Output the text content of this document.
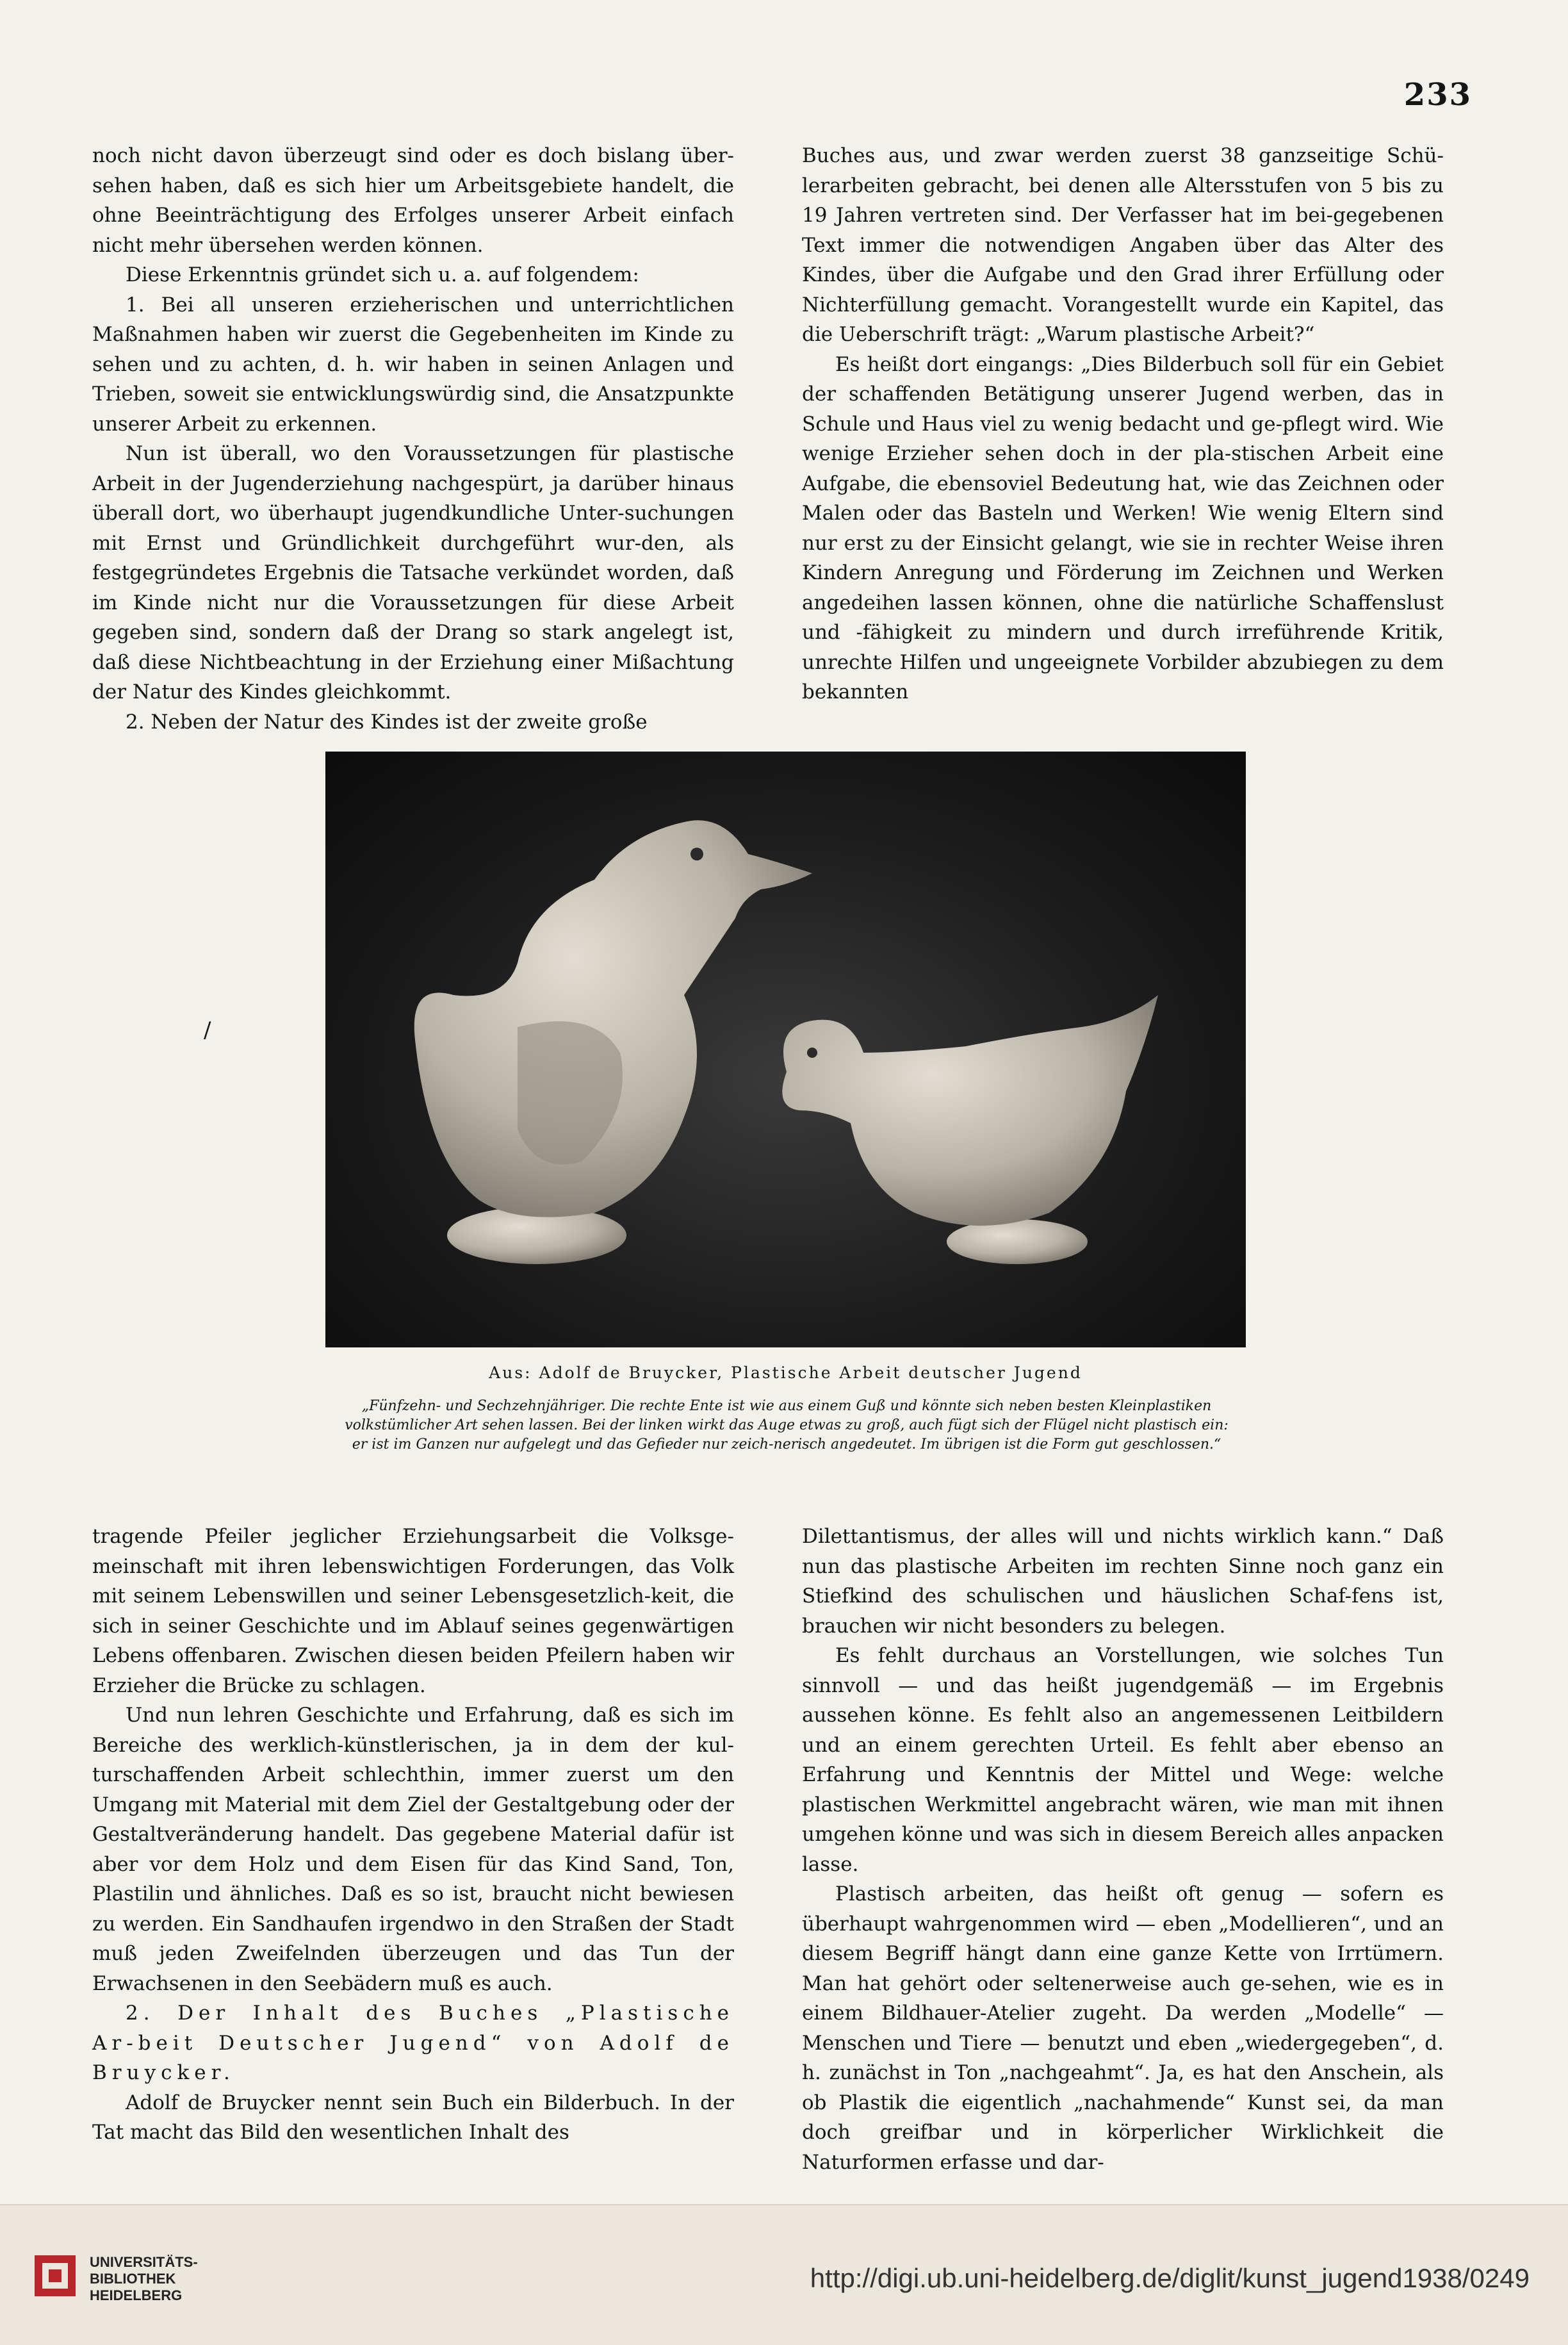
233

noch nicht davon überzeugt sind oder es doch bislang über-sehen haben, daß es sich hier um Arbeitsgebiete handelt, die ohne Beeinträchtigung des Erfolges unserer Arbeit einfach nicht mehr übersehen werden können.

Diese Erkenntnis gründet sich u. a. auf folgendem:

1. Bei all unseren erzieherischen und unterrichtlichen Maßnahmen haben wir zuerst die Gegebenheiten im Kinde zu sehen und zu achten, d. h. wir haben in seinen Anlagen und Trieben, soweit sie entwicklungswürdig sind, die Ansatzpunkte unserer Arbeit zu erkennen.

Nun ist überall, wo den Voraussetzungen für plastische Arbeit in der Jugenderziehung nachgespürt, ja darüber hinaus überall dort, wo überhaupt jugendkundliche Unter-suchungen mit Ernst und Gründlichkeit durchgeführt wur-den, als festgegründetes Ergebnis die Tatsache verkündet worden, daß im Kinde nicht nur die Voraussetzungen für diese Arbeit gegeben sind, sondern daß der Drang so stark angelegt ist, daß diese Nichtbeachtung in der Erziehung einer Mißachtung der Natur des Kindes gleichkommt.

2. Neben der Natur des Kindes ist der zweite große

Buches aus, und zwar werden zuerst 38 ganzseitige Schü-lerarbeiten gebracht, bei denen alle Altersstufen von 5 bis zu 19 Jahren vertreten sind. Der Verfasser hat im bei-gegebenen Text immer die notwendigen Angaben über das Alter des Kindes, über die Aufgabe und den Grad ihrer Erfüllung oder Nichterfüllung gemacht. Vorangestellt wurde ein Kapitel, das die Ueberschrift trägt: „Warum plastische Arbeit?“

Es heißt dort eingangs: „Dies Bilderbuch soll für ein Gebiet der schaffenden Betätigung unserer Jugend werben, das in Schule und Haus viel zu wenig bedacht und ge-pflegt wird. Wie wenige Erzieher sehen doch in der pla-stischen Arbeit eine Aufgabe, die ebensoviel Bedeutung hat, wie das Zeichnen oder Malen oder das Basteln und Werken! Wie wenig Eltern sind nur erst zu der Einsicht gelangt, wie sie in rechter Weise ihren Kindern Anregung und Förderung im Zeichnen und Werken angedeihen lassen können, ohne die natürliche Schaffenslust und -fähigkeit zu mindern und durch irreführende Kritik, unrechte Hilfen und ungeeignete Vorbilder abzubiegen zu dem bekannten

/
Aus: Adolf de Bruycker, Plastische Arbeit deutscher Jugend
„Fünfzehn- und Sechzehnjähriger. Die rechte Ente ist wie aus einem Guß und könnte sich neben besten Kleinplastiken volkstümlicher Art sehen lassen. Bei der linken wirkt das Auge etwas zu groß, auch fügt sich der Flügel nicht plastisch ein: er ist im Ganzen nur aufgelegt und das Gefieder nur zeich-nerisch angedeutet. Im übrigen ist die Form gut geschlossen.“

tragende Pfeiler jeglicher Erziehungsarbeit die Volksge-meinschaft mit ihren lebenswichtigen Forderungen, das Volk mit seinem Lebenswillen und seiner Lebensgesetzlich-keit, die sich in seiner Geschichte und im Ablauf seines gegenwärtigen Lebens offenbaren. Zwischen diesen beiden Pfeilern haben wir Erzieher die Brücke zu schlagen.

Und nun lehren Geschichte und Erfahrung, daß es sich im Bereiche des werklich-künstlerischen, ja in dem der kul-turschaffenden Arbeit schlechthin, immer zuerst um den Umgang mit Material mit dem Ziel der Gestaltgebung oder der Gestaltveränderung handelt. Das gegebene Material dafür ist aber vor dem Holz und dem Eisen für das Kind Sand, Ton, Plastilin und ähnliches. Daß es so ist, braucht nicht bewiesen zu werden. Ein Sandhaufen irgendwo in den Straßen der Stadt muß jeden Zweifelnden überzeugen und das Tun der Erwachsenen in den Seebädern muß es auch.

2. Der Inhalt des Buches „Plastische Ar-beit Deutscher Jugend“ von Adolf de Bruycker.

Adolf de Bruycker nennt sein Buch ein Bilderbuch. In der Tat macht das Bild den wesentlichen Inhalt des

Dilettantismus, der alles will und nichts wirklich kann.“ Daß nun das plastische Arbeiten im rechten Sinne noch ganz ein Stiefkind des schulischen und häuslichen Schaf-fens ist, brauchen wir nicht besonders zu belegen.

Es fehlt durchaus an Vorstellungen, wie solches Tun sinnvoll — und das heißt jugendgemäß — im Ergebnis aussehen könne. Es fehlt also an angemessenen Leitbildern und an einem gerechten Urteil. Es fehlt aber ebenso an Erfahrung und Kenntnis der Mittel und Wege: welche plastischen Werkmittel angebracht wären, wie man mit ihnen umgehen könne und was sich in diesem Bereich alles anpacken lasse.

Plastisch arbeiten, das heißt oft genug — sofern es überhaupt wahrgenommen wird — eben „Modellieren“, und an diesem Begriff hängt dann eine ganze Kette von Irrtümern. Man hat gehört oder seltenerweise auch ge-sehen, wie es in einem Bildhauer-Atelier zugeht. Da werden „Modelle“ — Menschen und Tiere — benutzt und eben „wiedergegeben“, d. h. zunächst in Ton „nachgeahmt“. Ja, es hat den Anschein, als ob Plastik die eigentlich „nachahmende“ Kunst sei, da man doch greifbar und in körperlicher Wirklichkeit die Naturformen erfasse und dar-

UNIVERSITÄTS-
BIBLIOTHEK
HEIDELBERG
http://digi.ub.uni-heidelberg.de/diglit/kunst_jugend1938/0249
